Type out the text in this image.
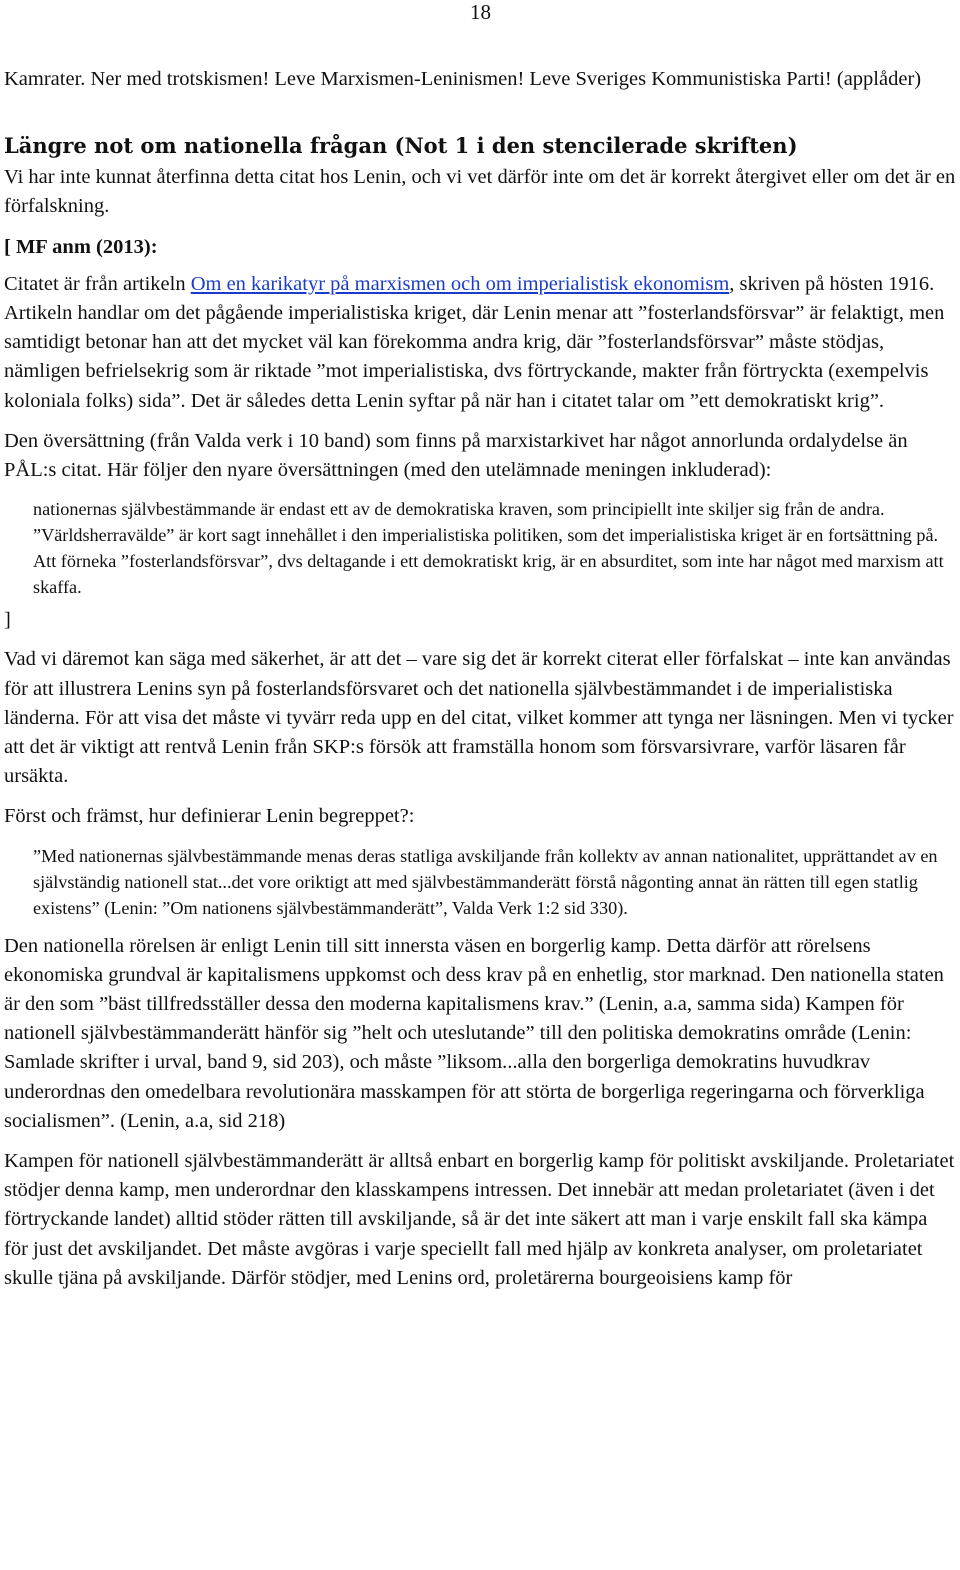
18

Kamrater. Ner med trotskismen! Leve Marxismen-Leninismen! Leve Sveriges Kommunistiska Parti! (applåder)

Längre not om nationella frågan (Not 1 i den stencilerade skriften)

Vi har inte kunnat återfinna detta citat hos Lenin, och vi vet därför inte om det är korrekt återgivet eller om det är en förfalskning.

[ MF anm (2013):

Citatet är från artikeln Om en karikatyr på marxismen och om imperialistisk ekonomism, skriven på hösten 1916. Artikeln handlar om det pågående imperialistiska kriget, där Lenin menar att ”fosterlandsförsvar” är felaktigt, men samtidigt betonar han att det mycket väl kan förekomma andra krig, där ”fosterlandsförsvar” måste stödjas, nämligen befrielsekrig som är riktade ”mot imperialistiska, dvs förtryckande, makter från förtryckta (exempelvis koloniala folks) sida”. Det är således detta Lenin syftar på när han i citatet talar om ”ett demokratiskt krig”.

Den översättning (från Valda verk i 10 band) som finns på marxistarkivet har något annorlunda ordalydelse än PÅL:s citat. Här följer den nyare översättningen (med den utelämnade meningen inkluderad):

nationernas självbestämmande är endast ett av de demokratiska kraven, som principiellt inte skiljer sig från de andra. ”Världsherravälde” är kort sagt innehållet i den imperialistiska politiken, som det imperialistiska kriget är en fortsättning på. Att förneka ”fosterlandsförsvar”, dvs deltagande i ett demokratiskt krig, är en absurditet, som inte har något med marxism att skaffa.

]

Vad vi däremot kan säga med säkerhet, är att det – vare sig det är korrekt citerat eller förfalskat – inte kan användas för att illustrera Lenins syn på fosterlandsförsvaret och det nationella självbestämmandet i de imperialistiska länderna. För att visa det måste vi tyvärr reda upp en del citat, vilket kommer att tynga ner läsningen. Men vi tycker att det är viktigt att rentvå Lenin från SKP:s försök att framställa honom som försvarsivrare, varför läsaren får ursäkta.

Först och främst, hur definierar Lenin begreppet?:

”Med nationernas självbestämmande menas deras statliga avskiljande från kollektv av annan nationalitet, upprättandet av en självständig nationell stat...det vore oriktigt att med självbestämmanderätt förstå någonting annat än rätten till egen statlig existens” (Lenin: ”Om nationens självbestämmanderätt”, Valda Verk 1:2 sid 330).

Den nationella rörelsen är enligt Lenin till sitt innersta väsen en borgerlig kamp. Detta därför att rörelsens ekonomiska grundval är kapitalismens uppkomst och dess krav på en enhetlig, stor marknad. Den nationella staten är den som ”bäst tillfredsställer dessa den moderna kapitalismens krav.” (Lenin, a.a, samma sida) Kampen för nationell självbestämmanderätt hänför sig ”helt och uteslutande” till den politiska demokratins område (Lenin: Samlade skrifter i urval, band 9, sid 203), och måste ”liksom...alla den borgerliga demokratins huvudkrav underordnas den omedelbara revolutionära masskampen för att störta de borgerliga regeringarna och förverkliga socialismen”. (Lenin, a.a, sid 218)

Kampen för nationell självbestämmanderätt är alltså enbart en borgerlig kamp för politiskt avskiljande. Proletariatet stödjer denna kamp, men underordnar den klasskampens intressen. Det innebär att medan proletariatet (även i det förtryckande landet) alltid stöder rätten till avskiljande, så är det inte säkert att man i varje enskilt fall ska kämpa för just det avskiljandet. Det måste avgöras i varje speciellt fall med hjälp av konkreta analyser, om proletariatet skulle tjäna på avskiljande. Därför stödjer, med Lenins ord, proletärerna bourgeoisiens kamp för
